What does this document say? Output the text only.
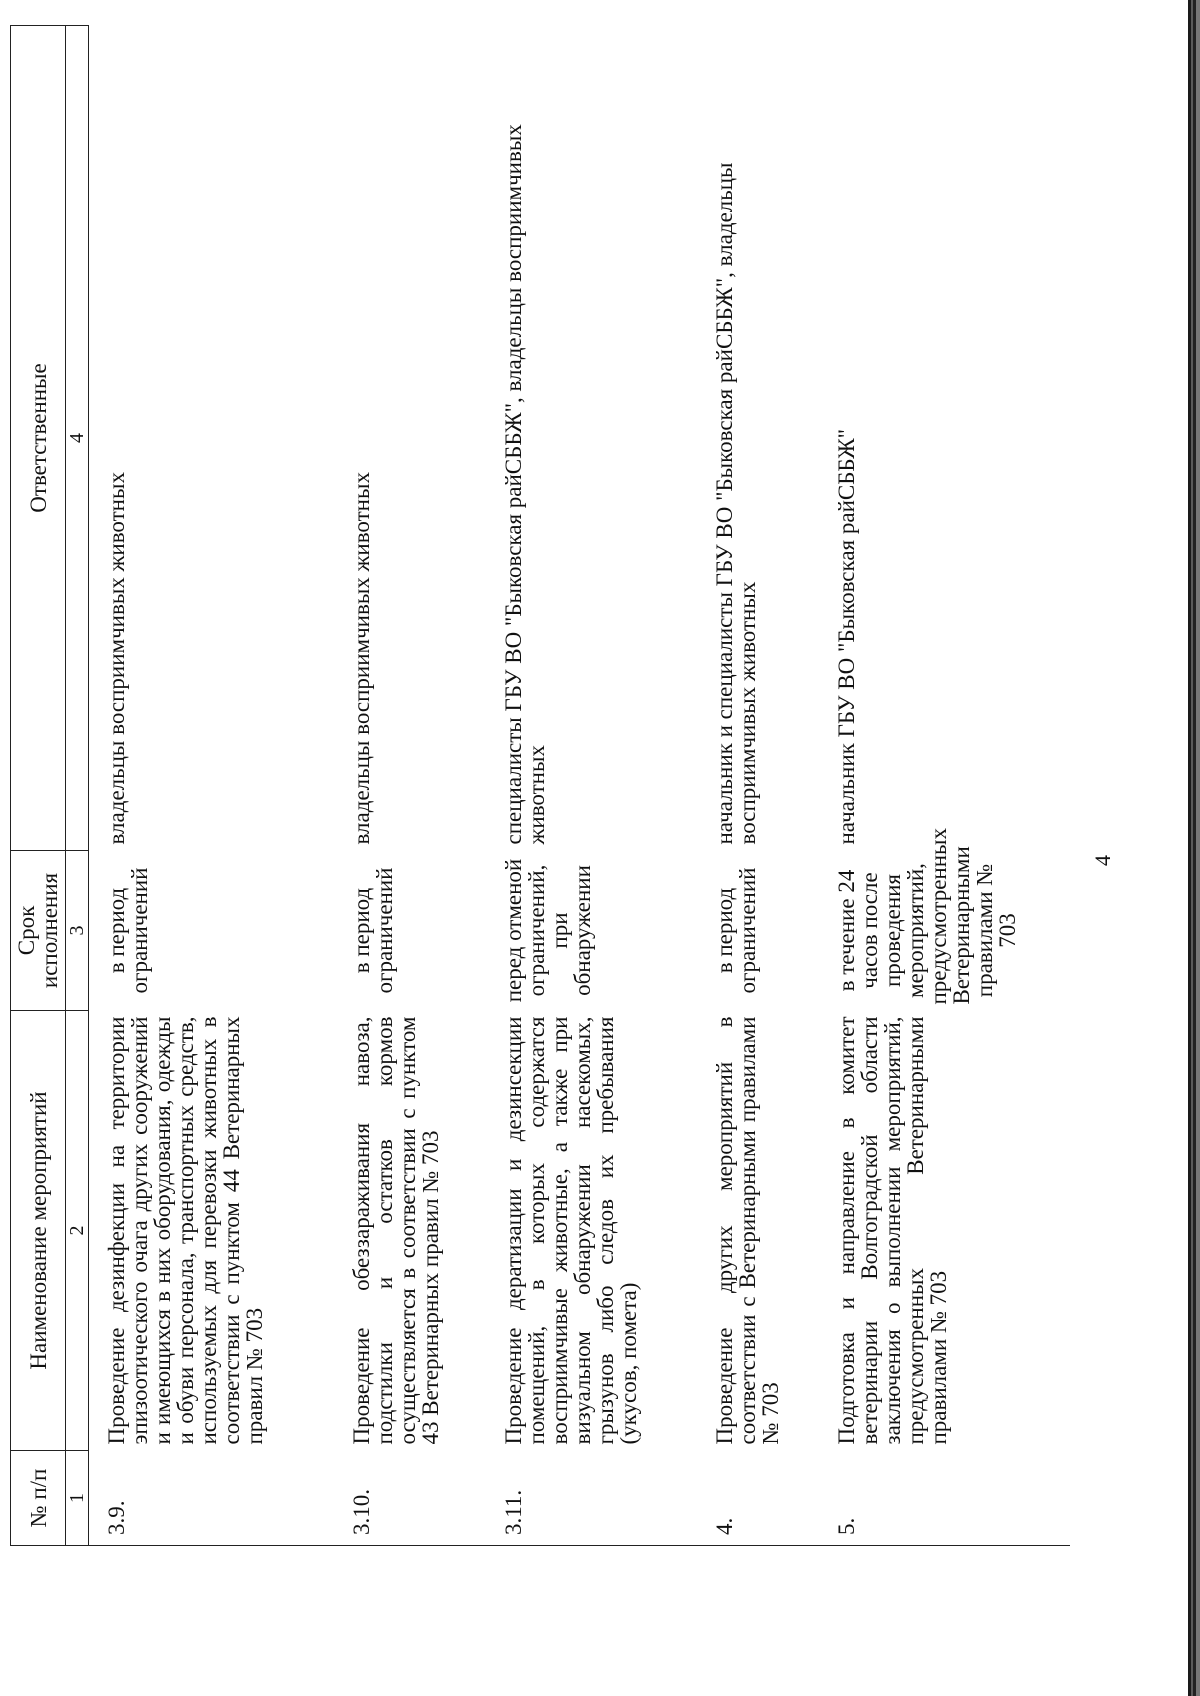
4
№ п/п	Наименование мероприятий	Срок исполнения	Ответственные
1	2	3	4
3.9.	Проведение дезинфекции на территории эпизоотического очага других сооружений и имеющихся в них оборудования, одежды и обуви персонала, транспортных средств, используемых для перевозки животных в соответствии с пунктом 44 Ветеринарных правил № 703	в период ограничений	владельцы восприимчивых животных
3.10.	Проведение обеззараживания навоза, подстилки и остатков кормов осуществляется в соответствии с пунктом 43 Ветеринарных правил № 703	в период ограничений	владельцы восприимчивых животных
3.11.	Проведение дератизации и дезинсекции помещений, в которых содержатся восприимчивые животные, а также при визуальном обнаружении насекомых, грызунов либо следов их пребывания (укусов, помета)	перед отменой ограничений, при обнаружении	специалисты ГБУ ВО "Быковская райСББЖ", владельцы восприимчивых животных
4.	Проведение других мероприятий в соответствии с Ветеринарными правилами № 703	в период ограничений	начальник и специалисты ГБУ ВО "Быковская райСББЖ", владельцы восприимчивых животных
5.	Подготовка и направление в комитет ветеринарии Волгоградской области заключения о выполнении мероприятий, предусмотренных Ветеринарными правилами № 703	в течение 24 часов после проведения мероприятий, предусмотренных Ветеринарными правилами № 703	начальник ГБУ ВО "Быковская райСББЖ"
